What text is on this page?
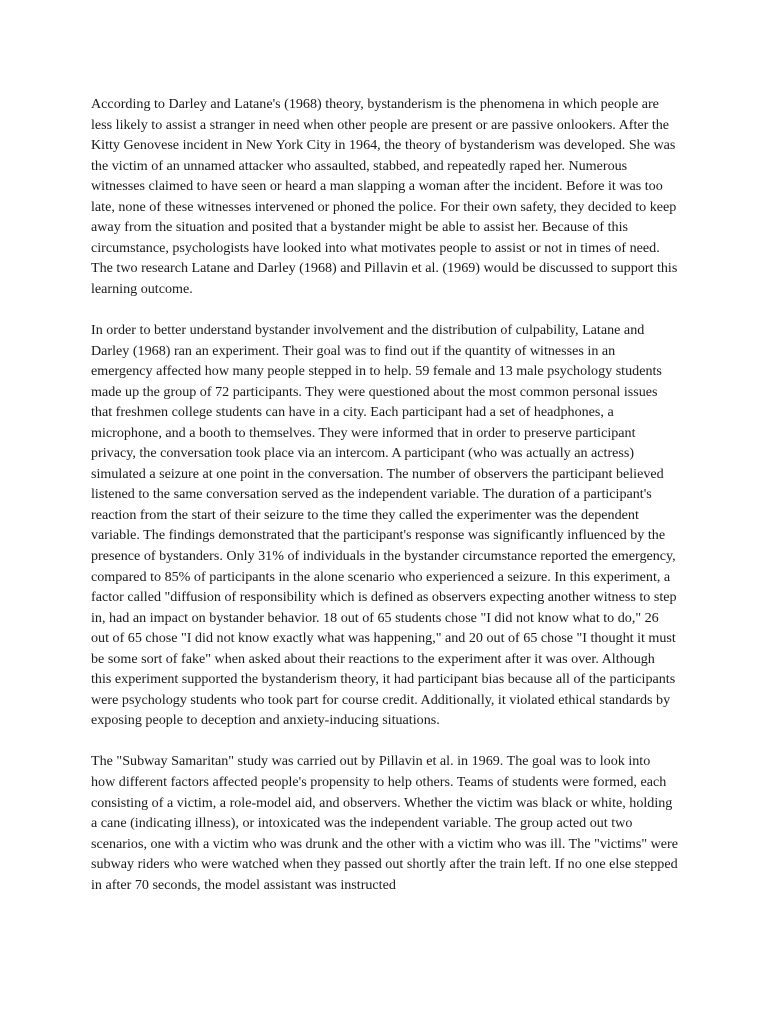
According to Darley and Latane's (1968) theory, bystanderism is the phenomena in which people are less likely to assist a stranger in need when other people are present or are passive onlookers. After the Kitty Genovese incident in New York City in 1964, the theory of bystanderism was developed. She was the victim of an unnamed attacker who assaulted, stabbed, and repeatedly raped her. Numerous witnesses claimed to have seen or heard a man slapping a woman after the incident. Before it was too late, none of these witnesses intervened or phoned the police. For their own safety, they decided to keep away from the situation and posited that a bystander might be able to assist her. Because of this circumstance, psychologists have looked into what motivates people to assist or not in times of need. The two research Latane and Darley (1968) and Pillavin et al. (1969) would be discussed to support this learning outcome.

In order to better understand bystander involvement and the distribution of culpability, Latane and Darley (1968) ran an experiment. Their goal was to find out if the quantity of witnesses in an emergency affected how many people stepped in to help. 59 female and 13 male psychology students made up the group of 72 participants. They were questioned about the most common personal issues that freshmen college students can have in a city. Each participant had a set of headphones, a microphone, and a booth to themselves. They were informed that in order to preserve participant privacy, the conversation took place via an intercom. A participant (who was actually an actress) simulated a seizure at one point in the conversation. The number of observers the participant believed listened to the same conversation served as the independent variable. The duration of a participant's reaction from the start of their seizure to the time they called the experimenter was the dependent variable. The findings demonstrated that the participant's response was significantly influenced by the presence of bystanders. Only 31% of individuals in the bystander circumstance reported the emergency, compared to 85% of participants in the alone scenario who experienced a seizure. In this experiment, a factor called "diffusion of responsibility which is defined as observers expecting another witness to step in, had an impact on bystander behavior. 18 out of 65 students chose "I did not know what to do," 26 out of 65 chose "I did not know exactly what was happening," and 20 out of 65 chose "I thought it must be some sort of fake" when asked about their reactions to the experiment after it was over. Although this experiment supported the bystanderism theory, it had participant bias because all of the participants were psychology students who took part for course credit. Additionally, it violated ethical standards by exposing people to deception and anxiety-inducing situations.

The "Subway Samaritan" study was carried out by Pillavin et al. in 1969. The goal was to look into how different factors affected people's propensity to help others. Teams of students were formed, each consisting of a victim, a role-model aid, and observers. Whether the victim was black or white, holding a cane (indicating illness), or intoxicated was the independent variable. The group acted out two scenarios, one with a victim who was drunk and the other with a victim who was ill. The "victims" were subway riders who were watched when they passed out shortly after the train left. If no one else stepped in after 70 seconds, the model assistant was instructed
